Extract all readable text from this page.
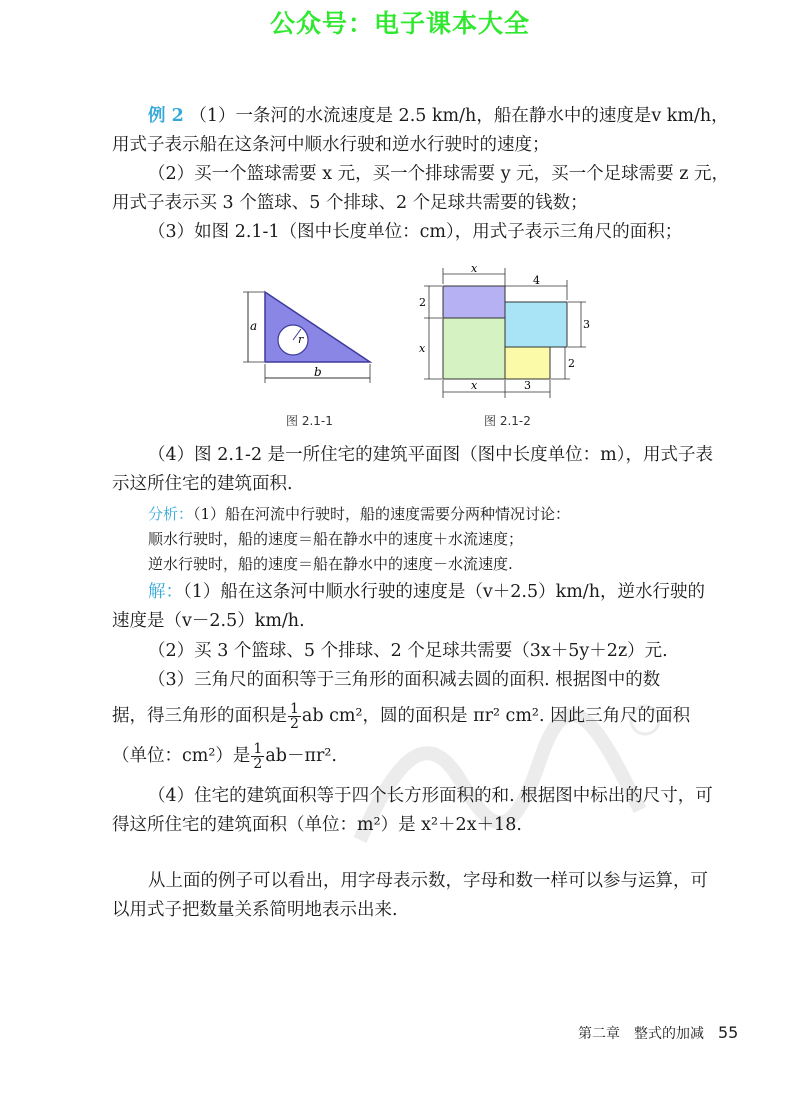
公众号：电子课本大全
例 2 （1）一条河的水流速度是 2.5 km/h，船在静水中的速度是v km/h，
用式子表示船在这条河中顺水行驶和逆水行驶时的速度；
（2）买一个篮球需要 x 元，买一个排球需要 y 元，买一个足球需要 z 元，
用式子表示买 3 个篮球、5 个排球、2 个足球共需要的钱数；
（3）如图 2.1-1（图中长度单位：cm），用式子表示三角尺的面积；
r
a
b
图 2.1-1
x
4
2
x
3
2
x	3
图 2.1-2
（4）图 2.1-2 是一所住宅的建筑平面图（图中长度单位：m），用式子表
示这所住宅的建筑面积.
分析：（1）船在河流中行驶时，船的速度需要分两种情况讨论：
顺水行驶时，船的速度＝船在静水中的速度＋水流速度；
逆水行驶时，船的速度＝船在静水中的速度－水流速度.
解：（1）船在这条河中顺水行驶的速度是（v＋2.5）km/h，逆水行驶的
速度是（v－2.5）km/h.
（2）买 3 个篮球、5 个排球、2 个足球共需要（3x＋5y＋2z）元.
（3）三角尺的面积等于三角形的面积减去圆的面积. 根据图中的数
据，得三角形的面积是 $\frac{1}{2}$ ab cm²，圆的面积是 πr² cm². 因此三角尺的面积
（单位：cm²）是 $\frac{1}{2} ab-\pi r^2$.
（4）住宅的建筑面积等于四个长方形面积的和. 根据图中标出的尺寸，可
得这所住宅的建筑面积（单位：m²）是 x²＋2x＋18.
从上面的例子可以看出，用字母表示数，字母和数一样可以参与运算，可
以用式子把数量关系简明地表示出来.
第二章　整式的加减 55
